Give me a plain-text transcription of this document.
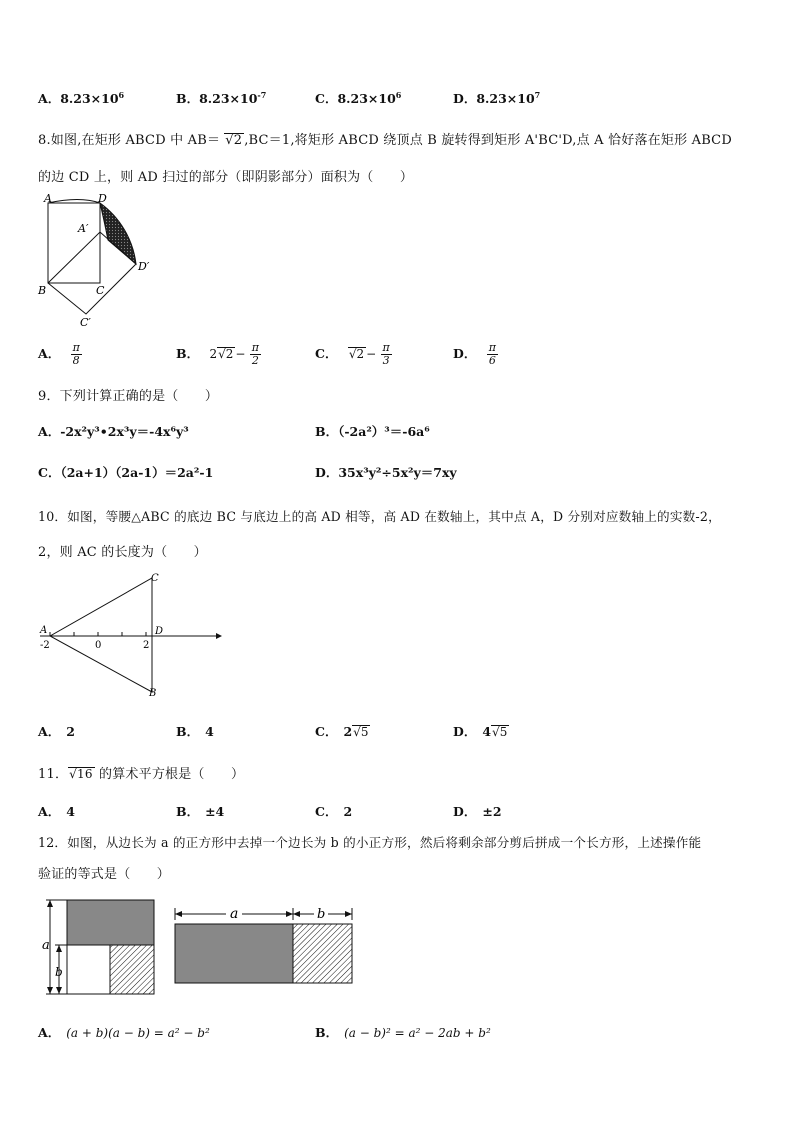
A．$8.23\times 10^6$	B．$8.23\times 10^{-7}$	C．$8.23\times 10^6$	D．$8.23\times 10^7$
8.如图,在矩形 ABCD 中 AB＝ √2 ,BC＝1,将矩形 ABCD 绕顶点 B 旋转得到矩形 A'BC'D,点 A 恰好落在矩形 ABCD
的边 CD 上，则 AD 扫过的部分（即阴影部分）面积为（　　）
A	D
A′
D′
B	C
C′
A． $\frac{\pi}{8}$	B． $2√2 - \frac{\pi}{2}$	C． $√2 - \frac{\pi}{3}$	D． $\frac{\pi}{6}$
9．下列计算正确的是（　　）
A．-2x²y³•2x³y＝-4x⁶y³	B．（-2a²）³＝-6a⁶
C．（2a+1）（2a-1）＝2a²-1	D．35x³y²÷5x²y＝7xy
10．如图，等腰△ABC 的底边 BC 与底边上的高 AD 相等，高 AD 在数轴上，其中点 A，D 分别对应数轴上的实数-2，
2，则 AC 的长度为（　　）
A
C
D
B
-2	0	2
A． 2	B． 4	C． 2√5	D． 4√5
11．√16 的算术平方根是（　　）
A． 4	B． ±4	C． 2	D． ±2
12．如图，从边长为 a 的正方形中去掉一个边长为 b 的小正方形，然后将剩余部分剪后拼成一个长方形，上述操作能
验证的等式是（　　）
a
b
a	b
A． (a + b)(a − b) = a² − b²	B． (a − b)² = a² − 2ab + b²
